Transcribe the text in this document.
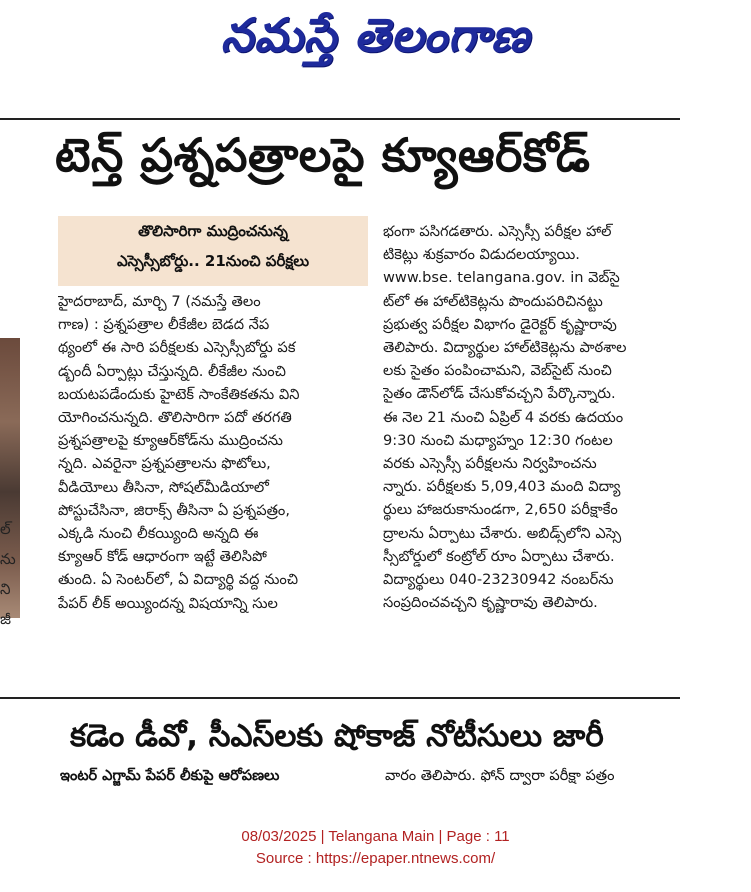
నమస్తే తెలంగాణ
ల్
ను
ని
జీ
టెన్త్ ప్రశ్నపత్రాలపై క్యూఆర్‌కోడ్
తొలిసారిగా ముద్రించనున్న
ఎస్సెస్సీబోర్డు.. 21నుంచి పరీక్షలు
హైదరాబాద్, మార్చి 7 (నమస్తే తెలం
గాణ) : ప్రశ్నపత్రాల లీకేజీల బెడద నేప
థ్యంలో ఈ సారి పరీక్షలకు ఎస్సెస్సీబోర్డు పక
డ్బందీ ఏర్పాట్లు చేస్తున్నది. లీకేజీల నుంచి
బయటపడేందుకు హైటెక్ సాంకేతికతను విని
యోగించనున్నది. తొలిసారిగా పదో తరగతి
ప్రశ్నపత్రాలపై క్యూఆర్‌కోడ్‌ను ముద్రించను
న్నది. ఎవరైనా ప్రశ్నపత్రాలను ఫొటోలు,
వీడియోలు తీసినా, సోషల్‌మీడియాలో
పోస్టుచేసినా, జిరాక్స్ తీసినా ఏ ప్రశ్నపత్రం,
ఎక్కడి నుంచి లీకయ్యింది అన్నది ఈ
క్యూఆర్ కోడ్ ఆధారంగా ఇట్టే తెలిసిపో
తుంది. ఏ సెంటర్‌లో, ఏ విద్యార్థి వద్ద నుంచి
పేపర్ లీక్ అయ్యిందన్న విషయాన్ని సుల
భంగా పసిగడతారు. ఎస్సెస్సీ పరీక్షల హాల్
టికెట్లు శుక్రవారం విడుదలయ్యాయి.
www.bse. telangana.gov. in వెబ్‌సై
ట్‌లో ఈ హాల్‌టికెట్లను పొందుపరిచినట్టు
ప్రభుత్వ పరీక్షల విభాగం డైరెక్టర్ కృష్ణారావు
తెలిపారు. విద్యార్థుల హాల్‌టికెట్లను పాఠశాల
లకు సైతం పంపించామని, వెబ్‌సైట్ నుంచి
సైతం డౌన్‌లోడ్ చేసుకోవచ్చని పేర్కొన్నారు.
ఈ నెల 21 నుంచి ఏప్రిల్ 4 వరకు ఉదయం
9:30 నుంచి మధ్యాహ్నం 12:30 గంటల
వరకు ఎస్సెస్సీ పరీక్షలను నిర్వహించను
న్నారు. పరీక్షలకు 5,09,403 మంది విద్యా
ర్థులు హాజరుకానుండగా, 2,650 పరీక్షాకేం
ద్రాలను ఏర్పాటు చేశారు. అబిడ్స్‌లోని ఎస్సె
స్సీబోర్డులో కంట్రోల్ రూం ఏర్పాటు చేశారు.
విద్యార్థులు 040-23230942 నంబర్‌ను
సంప్రదించవచ్చని కృష్ణారావు తెలిపారు.
కడెం డీవో, సీఎస్‌లకు షోకాజ్ నోటీసులు జారీ
ఇంటర్ ఎగ్జామ్ పేపర్ లీకుపై ఆరోపణలు	వారం తెలిపారు. ఫోన్ ద్వారా పరీక్షా పత్రం
08/03/2025 | Telangana Main | Page : 11
Source : https://epaper.ntnews.com/
